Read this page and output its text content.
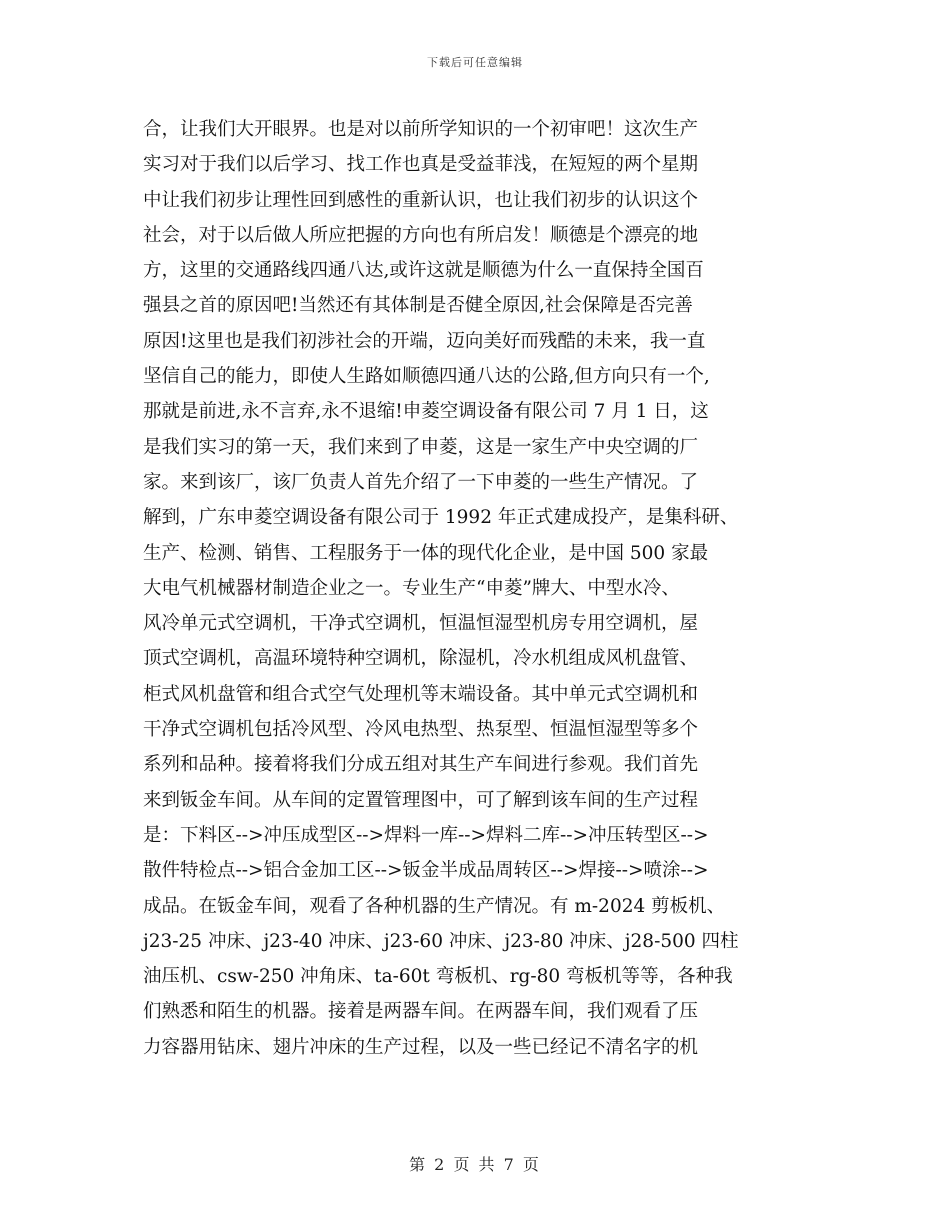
下载后可任意编辑
合，让我们大开眼界。也是对以前所学知识的一个初审吧！这次生产
实习对于我们以后学习、找工作也真是受益菲浅，在短短的两个星期
中让我们初步让理性回到感性的重新认识，也让我们初步的认识这个
社会，对于以后做人所应把握的方向也有所启发！顺德是个漂亮的地
方，这里的交通路线四通八达,或许这就是顺德为什么一直保持全国百
强县之首的原因吧!当然还有其体制是否健全原因,社会保障是否完善
原因!这里也是我们初涉社会的开端，迈向美好而残酷的未来，我一直
坚信自己的能力，即使人生路如顺德四通八达的公路,但方向只有一个,
那就是前进,永不言弃,永不退缩!申菱空调设备有限公司 7 月 1 日，这
是我们实习的第一天，我们来到了申菱，这是一家生产中央空调的厂
家。来到该厂，该厂负责人首先介绍了一下申菱的一些生产情况。了
解到，广东申菱空调设备有限公司于 1992 年正式建成投产，是集科研、
生产、检测、销售、工程服务于一体的现代化企业，是中国 500 家最
大电气机械器材制造企业之一。专业生产“申菱”牌大、中型水冷、
风冷单元式空调机，干净式空调机，恒温恒湿型机房专用空调机，屋
顶式空调机，高温环境特种空调机，除湿机，冷水机组成风机盘管、
柜式风机盘管和组合式空气处理机等末端设备。其中单元式空调机和
干净式空调机包括冷风型、冷风电热型、热泵型、恒温恒湿型等多个
系列和品种。接着将我们分成五组对其生产车间进行参观。我们首先
来到钣金车间。从车间的定置管理图中，可了解到该车间的生产过程
是：下料区-->冲压成型区-->焊料一库-->焊料二库-->冲压转型区-->
散件特检点-->铝合金加工区-->钣金半成品周转区-->焊接-->喷涂-->
成品。在钣金车间，观看了各种机器的生产情况。有 m-2024 剪板机、
j23-25 冲床、j23-40 冲床、j23-60 冲床、j23-80 冲床、j28-500 四柱
油压机、csw-250 冲角床、ta-60t 弯板机、rg-80 弯板机等等，各种我
们熟悉和陌生的机器。接着是两器车间。在两器车间，我们观看了压
力容器用钻床、翅片冲床的生产过程，以及一些已经记不清名字的机
第 2 页 共 7 页
